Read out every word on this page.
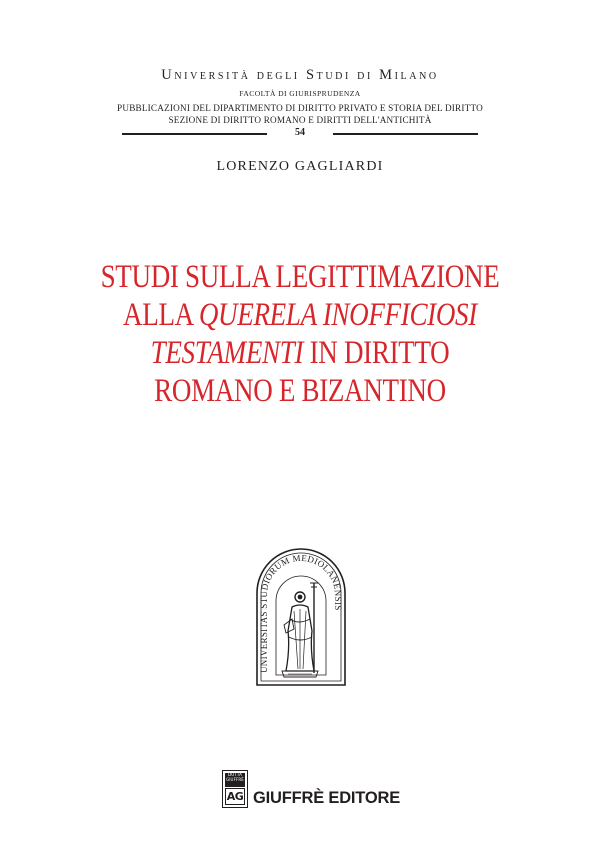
Università degli Studi di Milano
FACOLTÀ DI GIURISPRUDENZA
PUBBLICAZIONI DEL DIPARTIMENTO DI DIRITTO PRIVATO E STORIA DEL DIRITTO
SEZIONE DI DIRITTO ROMANO E DIRITTI DELL'ANTICHITÀ
54
LORENZO GAGLIARDI
STUDI SULLA LEGITTIMAZIONE
ALLA QUERELA INOFFICIOSI
TESTAMENTI IN DIRITTO
ROMANO E BIZANTINO
UNIVERSITAS STUDIORUM MEDIOLANENSIS
DOTTA GIUFFRÈ
AG GIUFFRÈ EDITORE
